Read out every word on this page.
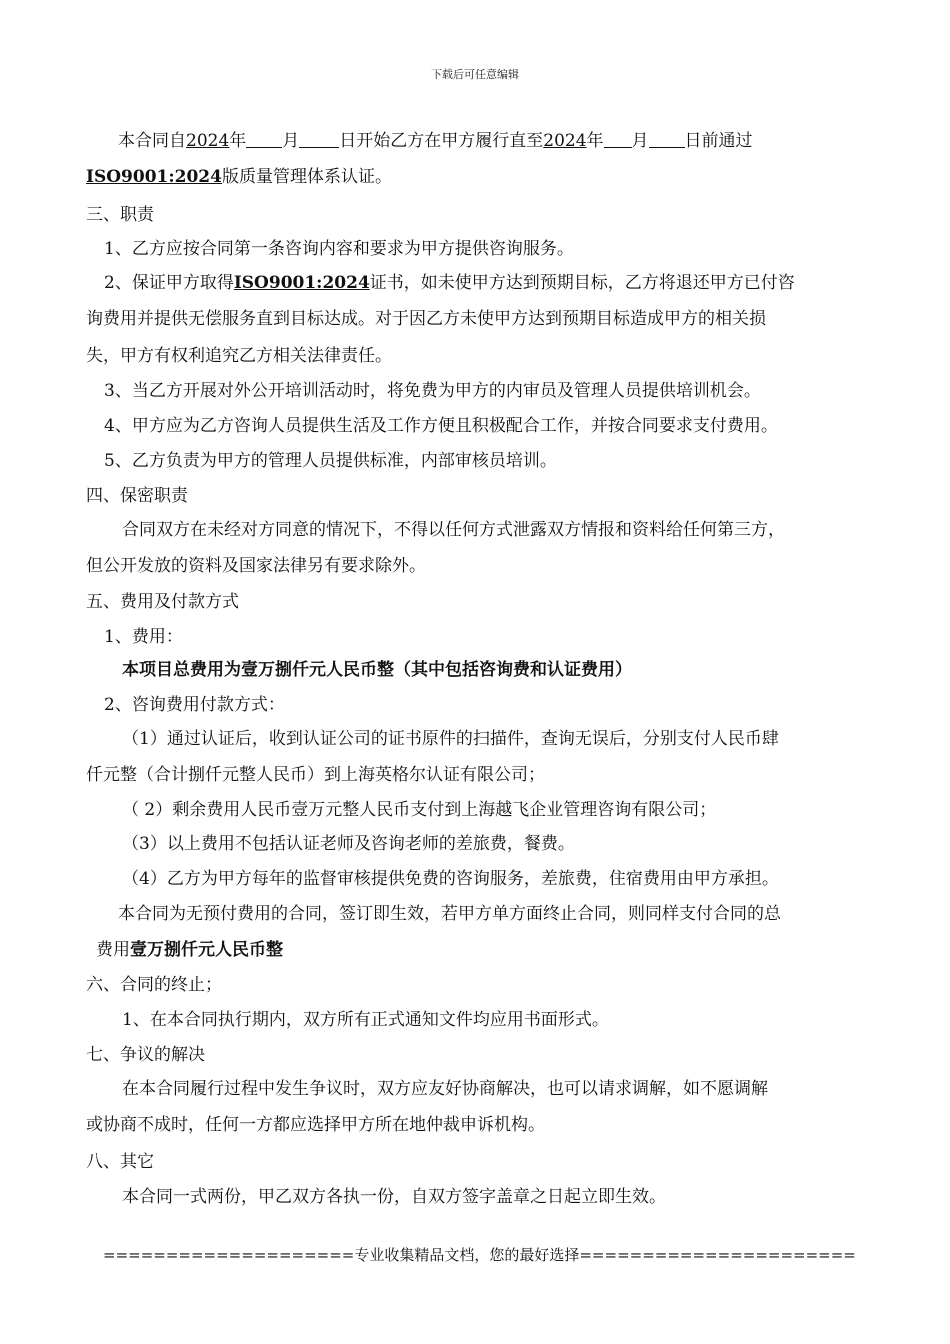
下载后可任意编辑
本合同自2024年 月 日开始乙方在甲方履行直至2024年 月 日前通过
ISO9001:2024版质量管理体系认证。
三、职责
1、乙方应按合同第一条咨询内容和要求为甲方提供咨询服务。
2、保证甲方取得ISO9001:2024证书，如未使甲方达到预期目标，乙方将退还甲方已付咨
询费用并提供无偿服务直到目标达成。对于因乙方未使甲方达到预期目标造成甲方的相关损
失，甲方有权利追究乙方相关法律责任。
3、当乙方开展对外公开培训活动时，将免费为甲方的内审员及管理人员提供培训机会。
4、甲方应为乙方咨询人员提供生活及工作方便且积极配合工作，并按合同要求支付费用。
5、乙方负责为甲方的管理人员提供标准，内部审核员培训。
四、保密职责
合同双方在未经对方同意的情况下，不得以任何方式泄露双方情报和资料给任何第三方，
但公开发放的资料及国家法律另有要求除外。
五、费用及付款方式
1、费用：
本项目总费用为壹万捌仟元人民币整（其中包括咨询费和认证费用）
2、咨询费用付款方式：
（1）通过认证后，收到认证公司的证书原件的扫描件，查询无误后，分别支付人民币肆
仟元整（合计捌仟元整人民币）到上海英格尔认证有限公司；
（ 2）剩余费用人民币壹万元整人民币支付到上海越飞企业管理咨询有限公司；
（3）以上费用不包括认证老师及咨询老师的差旅费，餐费。
（4）乙方为甲方每年的监督审核提供免费的咨询服务，差旅费，住宿费用由甲方承担。
本合同为无预付费用的合同，签订即生效，若甲方单方面终止合同，则同样支付合同的总
费用壹万捌仟元人民币整
六、合同的终止；
1、在本合同执行期内，双方所有正式通知文件均应用书面形式。
七、争议的解决
在本合同履行过程中发生争议时，双方应友好协商解决，也可以请求调解，如不愿调解
或协商不成时，任何一方都应选择甲方所在地仲裁申诉机构。
八、其它
本合同一式两份，甲乙双方各执一份，自双方签字盖章之日起立即生效。
====================专业收集精品文档，您的最好选择======================
